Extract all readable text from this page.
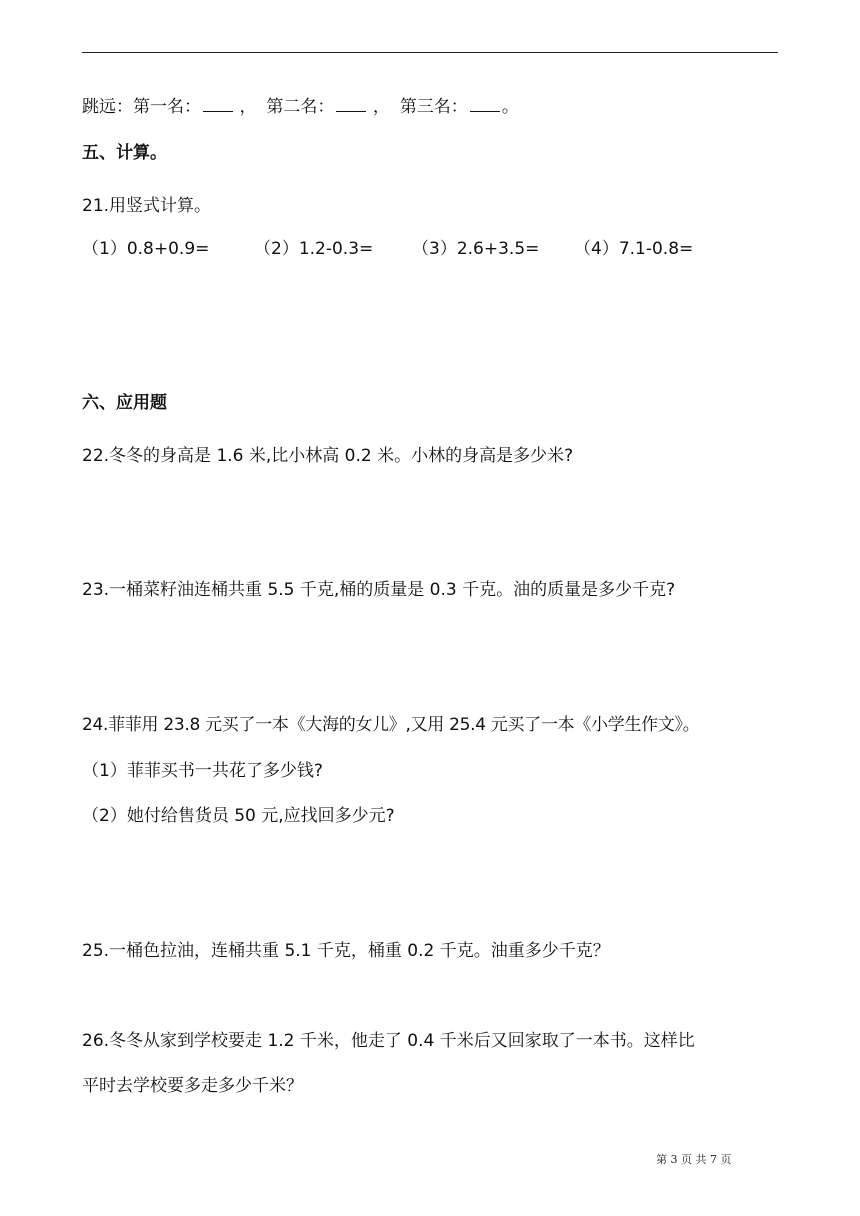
跳远：第一名： ， 第二名： ， 第三名： 。
五、计算。
21.用竖式计算。
（1）0.8+0.9=	（2）1.2-0.3= （3）2.6+3.5= （4）7.1-0.8=
六、应用题
22.冬冬的身高是 1.6 米,比小林高 0.2 米。小林的身高是多少米?
23.一桶菜籽油连桶共重 5.5 千克,桶的质量是 0.3 千克。油的质量是多少千克?
24.菲菲用 23.8 元买了一本《大海的女儿》,又用 25.4 元买了一本《小学生作文》。
（1）菲菲买书一共花了多少钱?
（2）她付给售货员 50 元,应找回多少元?
25.一桶色拉油，连桶共重 5.1 千克，桶重 0.2 千克。油重多少千克？
26.冬冬从家到学校要走 1.2 千米，他走了 0.4 千米后又回家取了一本书。这样比
平时去学校要多走多少千米？
第 3 页 共 7 页
